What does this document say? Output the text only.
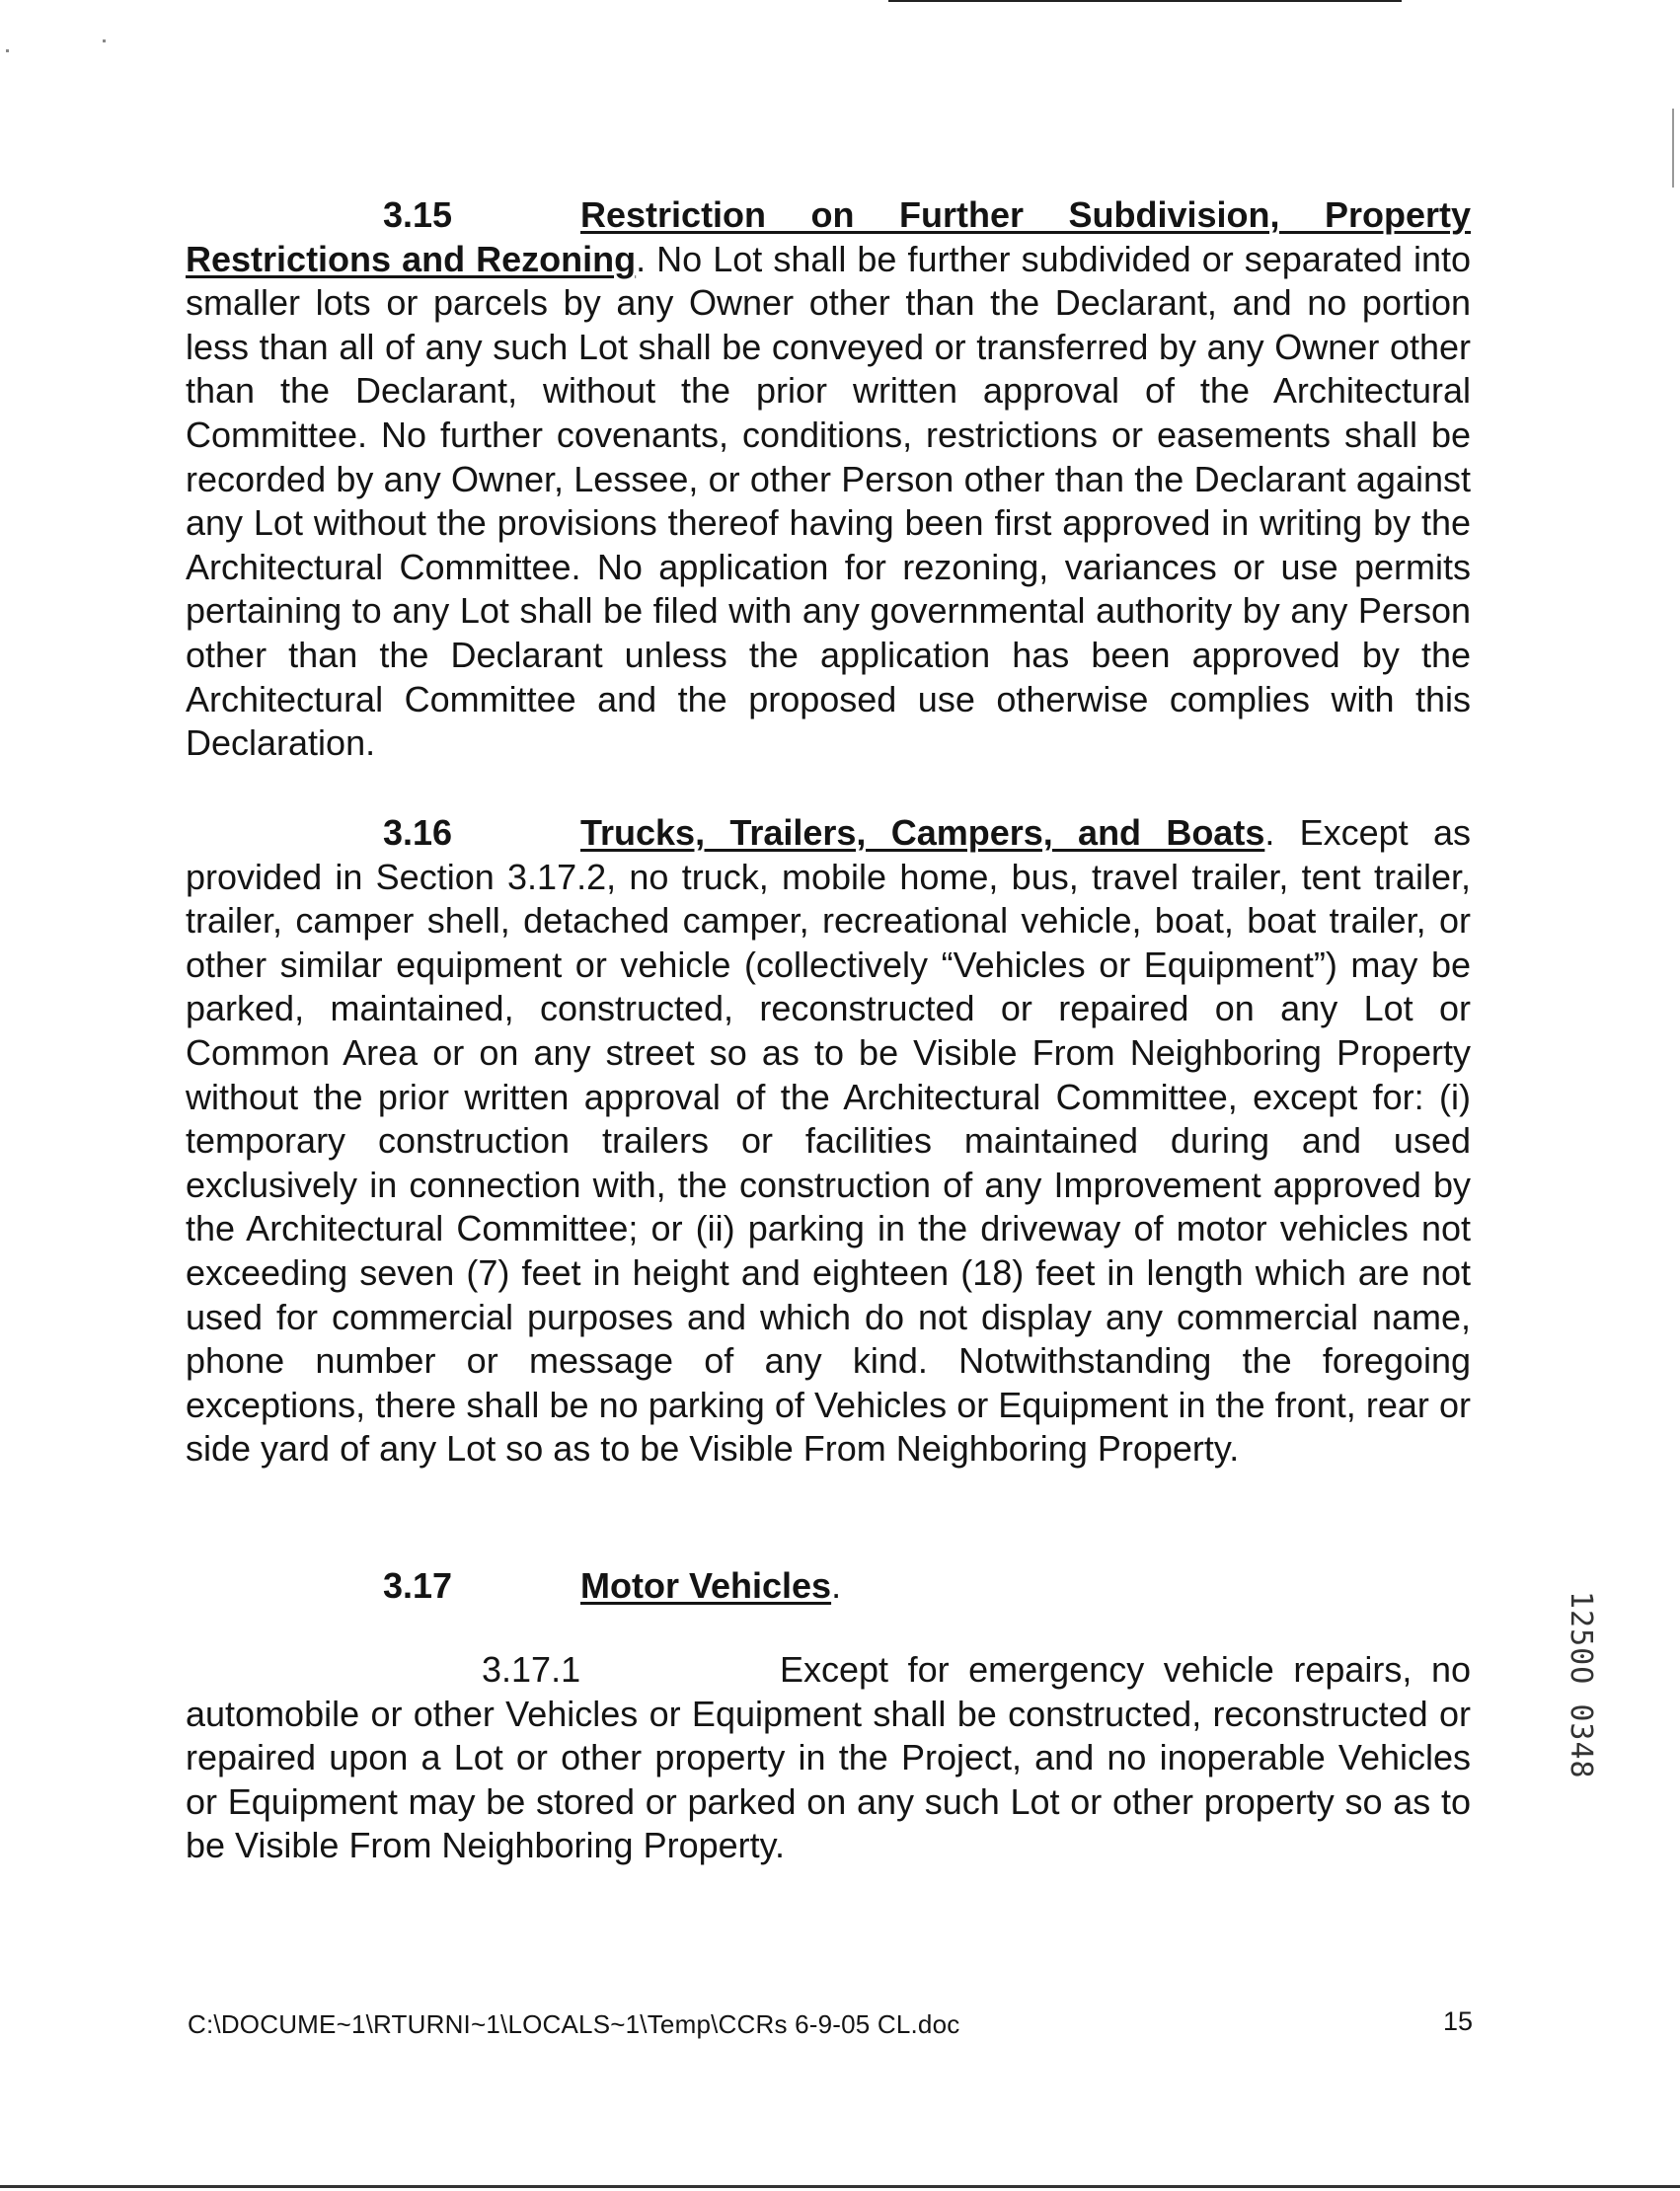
3.15	Restriction on Further Subdivision, Property Restrictions and Rezoning. No Lot shall be further subdivided or separated into smaller lots or parcels by any Owner other than the Declarant, and no portion less than all of any such Lot shall be conveyed or transferred by any Owner other than the Declarant, without the prior written approval of the Architectural Committee. No further covenants, conditions, restrictions or easements shall be recorded by any Owner, Lessee, or other Person other than the Declarant against any Lot without the provisions thereof having been first approved in writing by the Architectural Committee. No application for rezoning, variances or use permits pertaining to any Lot shall be filed with any governmental authority by any Person other than the Declarant unless the application has been approved by the Architectural Committee and the proposed use otherwise complies with this Declaration.

3.16	Trucks, Trailers, Campers, and Boats. Except as provided in Section 3.17.2, no truck, mobile home, bus, travel trailer, tent trailer, trailer, camper shell, detached camper, recreational vehicle, boat, boat trailer, or other similar equipment or vehicle (collectively “Vehicles or Equipment”) may be parked, maintained, constructed, reconstructed or repaired on any Lot or Common Area or on any street so as to be Visible From Neighboring Property without the prior written approval of the Architectural Committee, except for: (i) temporary construction trailers or facilities maintained during and used exclusively in connection with, the construction of any Improvement approved by the Architectural Committee; or (ii) parking in the driveway of motor vehicles not exceeding seven (7) feet in height and eighteen (18) feet in length which are not used for commercial purposes and which do not display any commercial name, phone number or message of any kind. Notwithstanding the foregoing exceptions, there shall be no parking of Vehicles or Equipment in the front, rear or side yard of any Lot so as to be Visible From Neighboring Property.

3.17	Motor Vehicles.

3.17.1	Except for emergency vehicle repairs, no automobile or other Vehicles or Equipment shall be constructed, reconstructed or repaired upon a Lot or other property in the Project, and no inoperable Vehicles or Equipment may be stored or parked on any such Lot or other property so as to be Visible From Neighboring Property.

C:\DOCUME~1\RTURNI~1\LOCALS~1\Temp\CCRs 6-9-05 CL.doc	15
1250O 0348
